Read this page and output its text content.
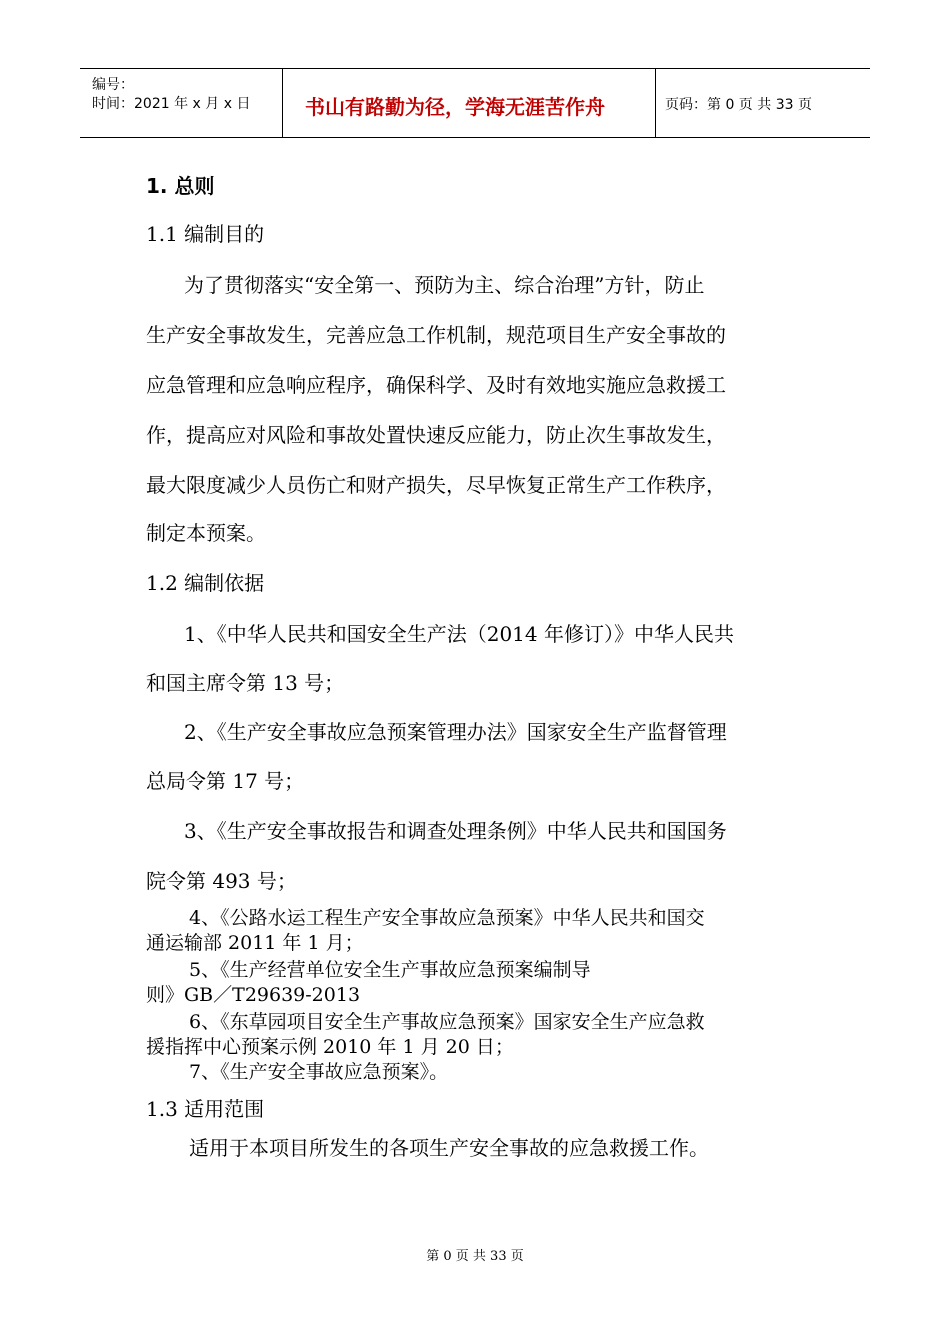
编号：
时间：2021 年 x 月 x 日	书山有路勤为径，学海无涯苦作舟	页码：第 0 页 共 33 页
1. 总则
1.1 编制目的
为了贯彻落实“安全第一、预防为主、综合治理”方针，防止
生产安全事故发生，完善应急工作机制，规范项目生产安全事故的
应急管理和应急响应程序，确保科学、及时有效地实施应急救援工
作，提高应对风险和事故处置快速反应能力，防止次生事故发生，
最大限度减少人员伤亡和财产损失，尽早恢复正常生产工作秩序，
制定本预案。
1.2 编制依据
1、《中华人民共和国安全生产法（2014 年修订）》中华人民共
和国主席令第 13 号；
2、《生产安全事故应急预案管理办法》国家安全生产监督管理
总局令第 17 号；
3、《生产安全事故报告和调查处理条例》中华人民共和国国务
院令第 493 号；
4、《公路水运工程生产安全事故应急预案》中华人民共和国交
通运输部 2011 年 1 月；
5、《生产经营单位安全生产事故应急预案编制导
则》GB／T29639-2013
6、《东草园项目安全生产事故应急预案》国家安全生产应急救
援指挥中心预案示例 2010 年 1 月 20 日；
7、《生产安全事故应急预案》。
1.3 适用范围
适用于本项目所发生的各项生产安全事故的应急救援工作。
第 0 页 共 33 页
